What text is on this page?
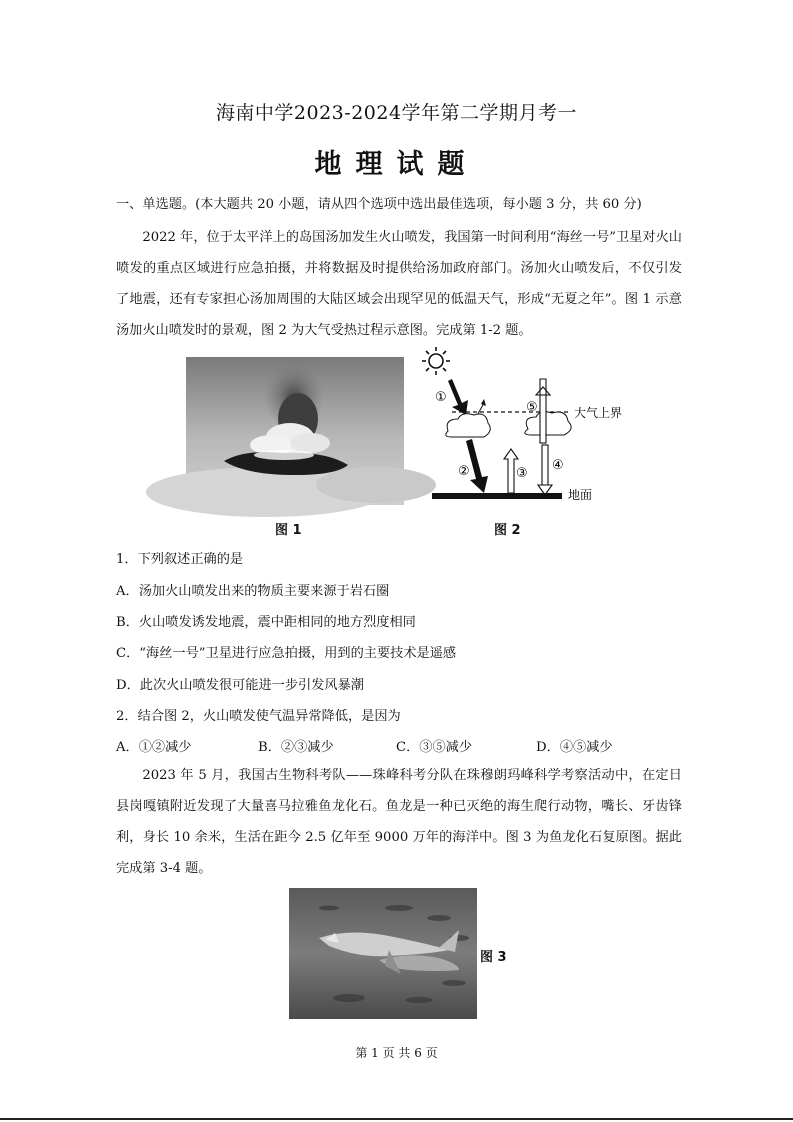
海南中学2023-2024学年第二学期月考一
地理试题
一、单选题。(本大题共 20 小题，请从四个选项中选出最佳选项，每小题 3 分，共 60 分)
2022 年，位于太平洋上的岛国汤加发生火山喷发，我国第一时间利用“海丝一号”卫星对火山喷发的重点区域进行应急拍摄，并将数据及时提供给汤加政府部门。汤加火山喷发后，不仅引发了地震，还有专家担心汤加周围的大陆区域会出现罕见的低温天气，形成“无夏之年”。图 1 示意汤加火山喷发时的景观，图 2 为大气受热过程示意图。完成第 1-2 题。
①
②	③
④
⑤	大气上界
地面
图 1	图 2
1．下列叙述正确的是
A．汤加火山喷发出来的物质主要来源于岩石圈
B．火山喷发诱发地震，震中距相同的地方烈度相同
C．“海丝一号”卫星进行应急拍摄，用到的主要技术是遥感
D．此次火山喷发很可能进一步引发风暴潮
2．结合图 2，火山喷发使气温异常降低，是因为
A．①②减少	B．②③减少	C．③⑤减少	D．④⑤减少
2023 年 5 月，我国古生物科考队——珠峰科考分队在珠穆朗玛峰科学考察活动中，在定日县岗嘎镇附近发现了大量喜马拉雅鱼龙化石。鱼龙是一种已灭绝的海生爬行动物，嘴长、牙齿锋利，身长 10 余米，生活在距今 2.5 亿年至 9000 万年的海洋中。图 3 为鱼龙化石复原图。据此完成第 3-4 题。
图 3
第 1 页 共 6 页
